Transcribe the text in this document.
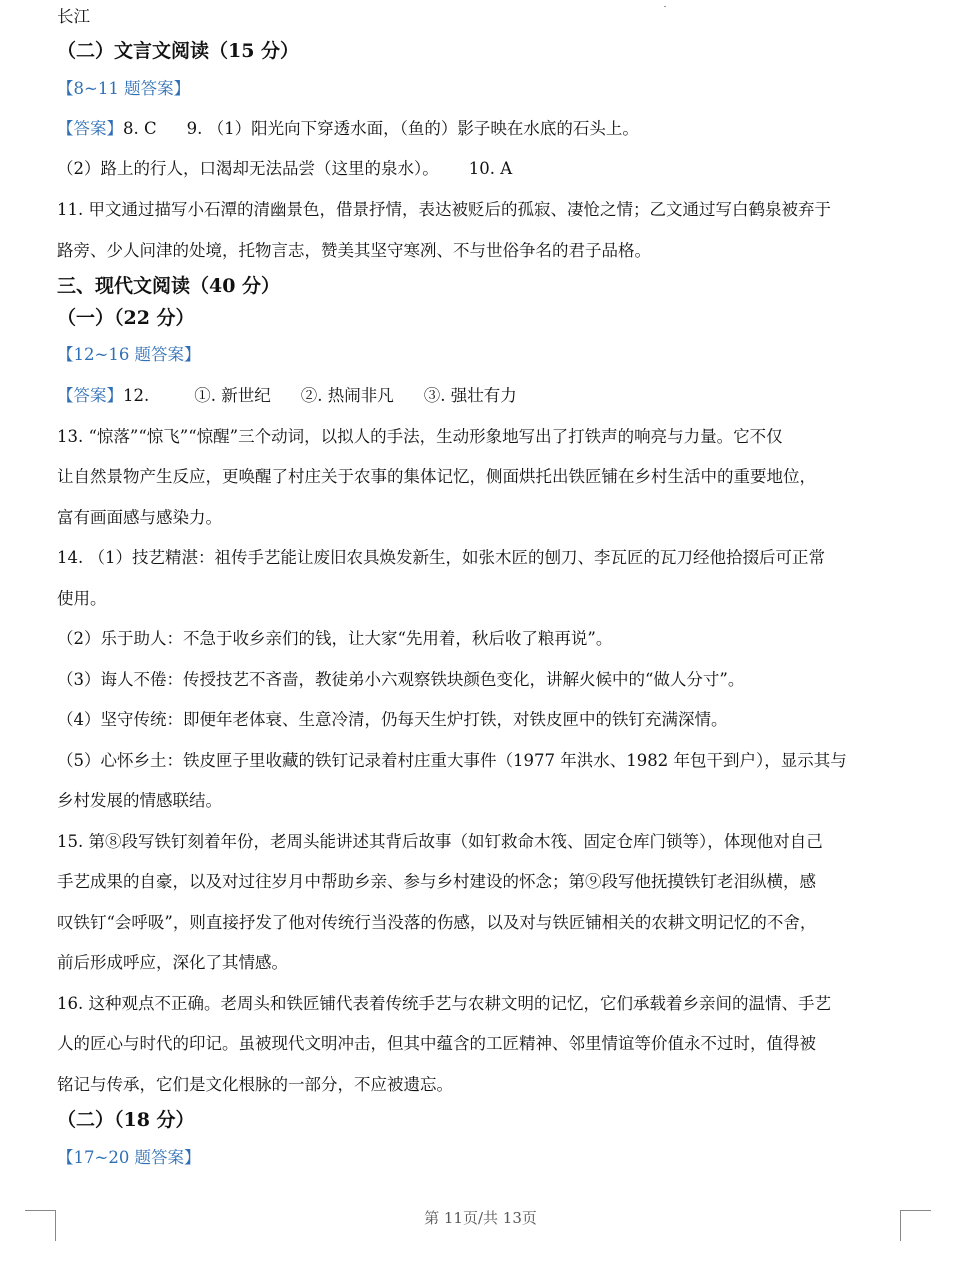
长江
（二）文言文阅读（15 分）
【8~11 题答案】
【答案】8. C 9. （1）阳光向下穿透水面，（鱼的）影子映在水底的石头上。
（2）路上的行人，口渴却无法品尝（这里的泉水）。 10. A
11. 甲文通过描写小石潭的清幽景色，借景抒情，表达被贬后的孤寂、凄怆之情；乙文通过写白鹤泉被弃于
路旁、少人问津的处境，托物言志，赞美其坚守寒冽、不与世俗争名的君子品格。
三、现代文阅读（40 分）
（一）（22 分）
【12~16 题答案】
【答案】12.	①. 新世纪 ②. 热闹非凡 ③. 强壮有力
13. “惊落”“惊飞”“惊醒”三个动词，以拟人的手法，生动形象地写出了打铁声的响亮与力量。它不仅
让自然景物产生反应，更唤醒了村庄关于农事的集体记忆，侧面烘托出铁匠铺在乡村生活中的重要地位，
富有画面感与感染力。
14. （1）技艺精湛：祖传手艺能让废旧农具焕发新生，如张木匠的刨刀、李瓦匠的瓦刀经他拾掇后可正常
使用。
（2）乐于助人：不急于收乡亲们的钱，让大家“先用着，秋后收了粮再说”。
（3）诲人不倦：传授技艺不吝啬，教徒弟小六观察铁块颜色变化，讲解火候中的“做人分寸”。
（4）坚守传统：即便年老体衰、生意冷清，仍每天生炉打铁，对铁皮匣中的铁钉充满深情。
（5）心怀乡土：铁皮匣子里收藏的铁钉记录着村庄重大事件（1977 年洪水、1982 年包干到户），显示其与
乡村发展的情感联结。
15. 第⑧段写铁钉刻着年份，老周头能讲述其背后故事（如钉救命木筏、固定仓库门锁等），体现他对自己
手艺成果的自豪，以及对过往岁月中帮助乡亲、参与乡村建设的怀念；第⑨段写他抚摸铁钉老泪纵横，感
叹铁钉“会呼吸”，则直接抒发了他对传统行当没落的伤感，以及对与铁匠铺相关的农耕文明记忆的不舍，
前后形成呼应，深化了其情感。
16. 这种观点不正确。老周头和铁匠铺代表着传统手艺与农耕文明的记忆，它们承载着乡亲间的温情、手艺
人的匠心与时代的印记。虽被现代文明冲击，但其中蕴含的工匠精神、邻里情谊等价值永不过时，值得被
铭记与传承，它们是文化根脉的一部分，不应被遗忘。
（二）（18 分）
【17~20 题答案】
第 11页/共 13页
